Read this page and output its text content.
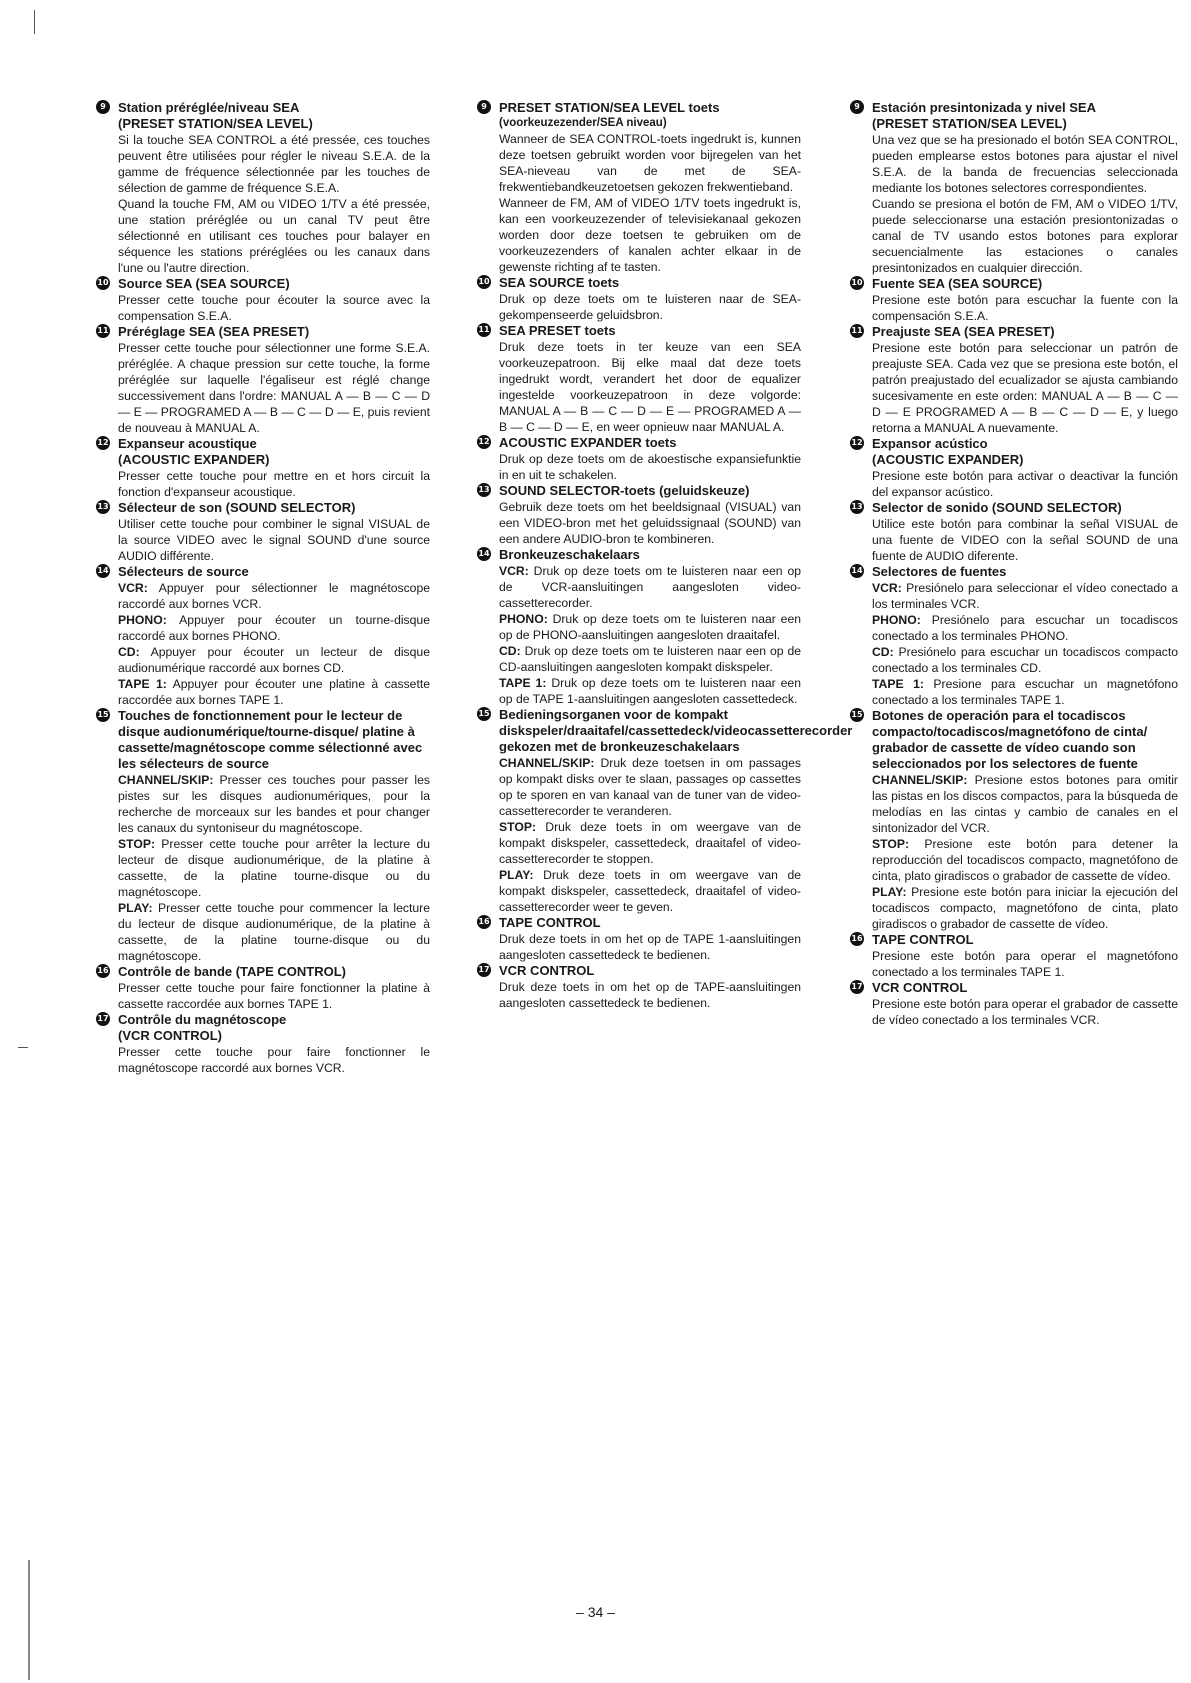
9 Station préréglée/niveau SEA
(PRESET STATION/SEA LEVEL)

Si la touche SEA CONTROL a été pressée, ces touches peuvent être utilisées pour régler le niveau S.E.A. de la gamme de fréquence sélectionnée par les touches de sélection de gamme de fréquence S.E.A.

Quand la touche FM, AM ou VIDEO 1/TV a été pressée, une station préréglée ou un canal TV peut être sélectionné en utilisant ces touches pour balayer en séquence les stations préréglées ou les canaux dans l'une ou l'autre direction.

10 Source SEA (SEA SOURCE)

Presser cette touche pour écouter la source avec la compensation S.E.A.

11 Préréglage SEA (SEA PRESET)

Presser cette touche pour sélectionner une forme S.E.A. préréglée. A chaque pression sur cette touche, la forme préréglée sur laquelle l'égaliseur est réglé change successivement dans l'ordre: MANUAL A — B — C — D — E — PROGRAMED A — B — C — D — E, puis revient de nouveau à MANUAL A.

12 Expanseur acoustique
(ACOUSTIC EXPANDER)

Presser cette touche pour mettre en et hors circuit la fonction d'expanseur acoustique.

13 Sélecteur de son (SOUND SELECTOR)

Utiliser cette touche pour combiner le signal VISUAL de la source VIDEO avec le signal SOUND d'une source AUDIO différente.

14 Sélecteurs de source

VCR: Appuyer pour sélectionner le magnétoscope raccordé aux bornes VCR.

PHONO: Appuyer pour écouter un tourne-disque raccordé aux bornes PHONO.

CD: Appuyer pour écouter un lecteur de disque audionumérique raccordé aux bornes CD.

TAPE 1: Appuyer pour écouter une platine à cassette raccordée aux bornes TAPE 1.

15 Touches de fonctionnement pour le lecteur de disque audionumérique/tourne-disque/ platine à cassette/magnétoscope comme sélectionné avec les sélecteurs de source

CHANNEL/SKIP: Presser ces touches pour passer les pistes sur les disques audionumériques, pour la recherche de morceaux sur les bandes et pour changer les canaux du syntoniseur du magnétoscope.

STOP: Presser cette touche pour arrêter la lecture du lecteur de disque audionumérique, de la platine à cassette, de la platine tourne-disque ou du magnétoscope.

PLAY: Presser cette touche pour commencer la lecture du lecteur de disque audionumérique, de la platine à cassette, de la platine tourne-disque ou du magnétoscope.

16 Contrôle de bande (TAPE CONTROL)

Presser cette touche pour faire fonctionner la platine à cassette raccordée aux bornes TAPE 1.

17 Contrôle du magnétoscope
(VCR CONTROL)

Presser cette touche pour faire fonctionner le magnétoscope raccordé aux bornes VCR.

9 PRESET STATION/SEA LEVEL toets
(voorkeuzezender/SEA niveau)

Wanneer de SEA CONTROL-toets ingedrukt is, kunnen deze toetsen gebruikt worden voor bijregelen van het SEA-nieveau van de met de SEA-frekwentiebandkeuzetoetsen gekozen frekwentieband.

Wanneer de FM, AM of VIDEO 1/TV toets ingedrukt is, kan een voorkeuzezender of televisiekanaal gekozen worden door deze toetsen te gebruiken om de voorkeuzezenders of kanalen achter elkaar in de gewenste richting af te tasten.

10 SEA SOURCE toets

Druk op deze toets om te luisteren naar de SEA-gekompenseerde geluidsbron.

11 SEA PRESET toets

Druk deze toets in ter keuze van een SEA voorkeuzepatroon. Bij elke maal dat deze toets ingedrukt wordt, verandert het door de equalizer ingestelde voorkeuzepatroon in deze volgorde: MANUAL A — B — C — D — E — PROGRAMED A — B — C — D — E, en weer opnieuw naar MANUAL A.

12 ACOUSTIC EXPANDER toets

Druk op deze toets om de akoestische expansiefunktie in en uit te schakelen.

13 SOUND SELECTOR-toets (geluidskeuze)

Gebruik deze toets om het beeldsignaal (VISUAL) van een VIDEO-bron met het geluidssignaal (SOUND) van een andere AUDIO-bron te kombineren.

14 Bronkeuzeschakelaars

VCR: Druk op deze toets om te luisteren naar een op de VCR-aansluitingen aangesloten video-cassetterecorder.

PHONO: Druk op deze toets om te luisteren naar een op de PHONO-aansluitingen aangesloten draaitafel.

CD: Druk op deze toets om te luisteren naar een op de CD-aansluitingen aangesloten kompakt diskspeler.

TAPE 1: Druk op deze toets om te luisteren naar een op de TAPE 1-aansluitingen aangesloten cassettedeck.

15 Bedieningsorganen voor de kompakt diskspeler/draaitafel/cassettedeck/videocassetterecorder gekozen met de bronkeuzeschakelaars

CHANNEL/SKIP: Druk deze toetsen in om passages op kompakt disks over te slaan, passages op cassettes op te sporen en van kanaal van de tuner van de video-cassetterecorder te veranderen.

STOP: Druk deze toets in om weergave van de kompakt diskspeler, cassettedeck, draaitafel of video-cassetterecorder te stoppen.

PLAY: Druk deze toets in om weergave van de kompakt diskspeler, cassettedeck, draaitafel of video-cassetterecorder weer te geven.

16 TAPE CONTROL

Druk deze toets in om het op de TAPE 1-aansluitingen aangesloten cassettedeck te bedienen.

17 VCR CONTROL

Druk deze toets in om het op de TAPE-aansluitingen aangesloten cassettedeck te bedienen.

9 Estación presintonizada y nivel SEA
(PRESET STATION/SEA LEVEL)

Una vez que se ha presionado el botón SEA CONTROL, pueden emplearse estos botones para ajustar el nivel S.E.A. de la banda de frecuencias seleccionada mediante los botones selectores correspondientes.

Cuando se presiona el botón de FM, AM o VIDEO 1/TV, puede seleccionarse una estación presiontonizadas o canal de TV usando estos botones para explorar secuencialmente las estaciones o canales presintonizados en cualquier dirección.

10 Fuente SEA (SEA SOURCE)

Presione este botón para escuchar la fuente con la compensación S.E.A.

11 Preajuste SEA (SEA PRESET)

Presione este botón para seleccionar un patrón de preajuste SEA. Cada vez que se presiona este botón, el patrón preajustado del ecualizador se ajusta cambiando sucesivamente en este orden: MANUAL A — B — C — D — E PROGRAMED A — B — C — D — E, y luego retorna a MANUAL A nuevamente.

12 Expansor acústico
(ACOUSTIC EXPANDER)

Presione este botón para activar o deactivar la función del expansor acústico.

13 Selector de sonido (SOUND SELECTOR)

Utilice este botón para combinar la señal VISUAL de una fuente de VIDEO con la señal SOUND de una fuente de AUDIO diferente.

14 Selectores de fuentes

VCR: Presiónelo para seleccionar el vídeo conectado a los terminales VCR.

PHONO: Presiónelo para escuchar un tocadiscos conectado a los terminales PHONO.

CD: Presiónelo para escuchar un tocadiscos compacto conectado a los terminales CD.

TAPE 1: Presione para escuchar un magnetófono conectado a los terminales TAPE 1.

15 Botones de operación para el tocadiscos compacto/tocadiscos/magnetófono de cinta/ grabador de cassette de vídeo cuando son seleccionados por los selectores de fuente

CHANNEL/SKIP: Presione estos botones para omitir las pistas en los discos compactos, para la búsqueda de melodías en las cintas y cambio de canales en el sintonizador del VCR.

STOP: Presione este botón para detener la reproducción del tocadiscos compacto, magnetófono de cinta, plato giradiscos o grabador de cassette de vídeo.

PLAY: Presione este botón para iniciar la ejecución del tocadiscos compacto, magnetófono de cinta, plato giradiscos o grabador de cassette de vídeo.

16 TAPE CONTROL

Presione este botón para operar el magnetófono conectado a los terminales TAPE 1.

17 VCR CONTROL

Presione este botón para operar el grabador de cassette de vídeo conectado a los terminales VCR.

– 34 –
